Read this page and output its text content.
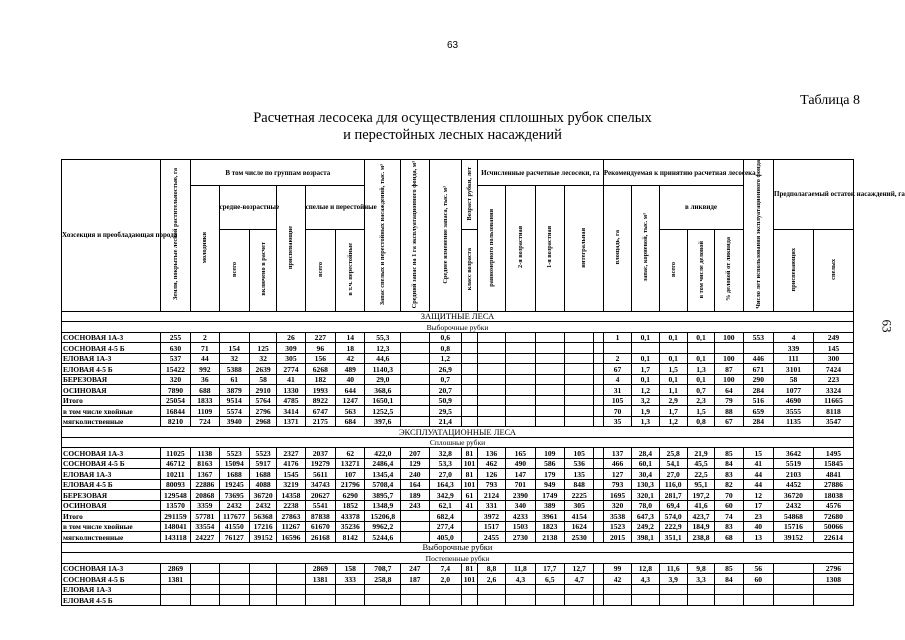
63
Таблица 8
Расчетная лесосека для осуществления сплошных рубок спелых
и перестойных лесных насаждений
63
Хозсекция и преобладающая порода	Земли, покрытые лесной растительностью, га	В том числе по группам возраста						Запас спелых и перестойных насаждений, тыс. м³	Средний запас на 1 га эксплуатационного фонда, м³	Среднее изменение запаса, тыс. м³	Возраст рубки, лет	Исчисленные расчетные лесосеки, га					Рекомендуемая к принятию расчетная лесосека					Число лет использования эксплуатационного фонда	Предполагаемый остаток насаждений, га	
		молодняки	средне-возрастные		приспевающие	спелые и перестойные						равномерного пользования	2-я возрастная	1-я возрастная	интегральная		площадь, га	запас, корневой, тыс. м³	в ликвиде					
			всего	включено в расчет		всего	в т.ч. перестойные				класс возраста								всего	в том числе деловой	% деловой от ликвида		приспевающих	спелых
ЗАЩИТНЫЕ ЛЕСА																								
Выборочные рубки																								
СОСНОВАЯ 1А-3	255	2			26	227	14	55,3		0,6							1	0,1	0,1	0,1	100	553	4	249
СОСНОВАЯ 4-5 Б	630	71	154	125	309	96	18	12,3		0,8													339	145
ЕЛОВАЯ 1А-3	537	44	32	32	305	156	42	44,6		1,2							2	0,1	0,1	0,1	100	446	111	300
ЕЛОВАЯ 4-5 Б	15422	992	5388	2639	2774	6268	489	1140,3		26,9							67	1,7	1,5	1,3	87	671	3101	7424
БЕРЕЗОВАЯ	320	36	61	58	41	182	40	29,0		0,7							4	0,1	0,1	0,1	100	290	58	223
ОСИНОВАЯ	7890	688	3879	2910	1330	1993	644	368,6		20,7							31	1,2	1,1	0,7	64	284	1077	3324
Итого	25054	1833	9514	5764	4785	8922	1247	1650,1		50,9							105	3,2	2,9	2,3	79	516	4690	11665
в том числе хвойные	16844	1109	5574	2796	3414	6747	563	1252,5		29,5							70	1,9	1,7	1,5	88	659	3555	8118
мягколиственные	8210	724	3940	2968	1371	2175	684	397,6		21,4							35	1,3	1,2	0,8	67	284	1135	3547
ЭКСПЛУАТАЦИОННЫЕ ЛЕСА																								
Сплошные рубки																								
СОСНОВАЯ 1А-3	11025	1138	5523	5523	2327	2037	62	422,0	207	32,8	81	136	165	109	105		137	28,4	25,8	21,9	85	15	3642	1495
СОСНОВАЯ 4-5 Б	46712	8163	15094	5917	4176	19279	13271	2486,4	129	53,3	101	462	490	586	536		466	60,1	54,1	45,5	84	41	5519	15845
ЕЛОВАЯ 1А-3	10211	1367	1688	1688	1545	5611	107	1345,4	240	27,0	81	126	147	179	135		127	30,4	27,0	22,5	83	44	2103	4841
ЕЛОВАЯ 4-5 Б	80093	22886	19245	4088	3219	34743	21796	5708,4	164	164,3	101	793	701	949	848		793	130,3	116,0	95,1	82	44	4452	27886
БЕРЕЗОВАЯ	129548	20868	73695	36720	14358	20627	6290	3895,7	189	342,9	61	2124	2390	1749	2225		1695	320,1	281,7	197,2	70	12	36720	18038
ОСИНОВАЯ	13570	3359	2432	2432	2238	5541	1852	1348,9	243	62,1	41	331	340	389	305		320	78,0	69,4	41,6	60	17	2432	4576
Итого	291159	57781	117677	56368	27863	87838	43378	15206,8		682,4		3972	4233	3961	4154		3538	647,3	574,0	423,7	74	23	54868	72680
в том числе хвойные	148041	33554	41550	17216	11267	61670	35236	9962,2		277,4		1517	1503	1823	1624		1523	249,2	222,9	184,9	83	40	15716	50066
мягколиственные	143118	24227	76127	39152	16596	26168	8142	5244,6		405,0		2455	2730	2138	2530		2015	398,1	351,1	238,8	68	13	39152	22614
Выборочные рубки																								
Постепенные рубки																								
СОСНОВАЯ 1А-3	2869					2869	158	708,7	247	7,4	81	8,8	11,8	17,7	12,7		99	12,8	11,6	9,8	85	56		2796
СОСНОВАЯ 4-5 Б	1381					1381	333	258,8	187	2,0	101	2,6	4,3	6,5	4,7		42	4,3	3,9	3,3	84	60		1308
ЕЛОВАЯ 1А-3																								
ЕЛОВАЯ 4-5 Б																								
